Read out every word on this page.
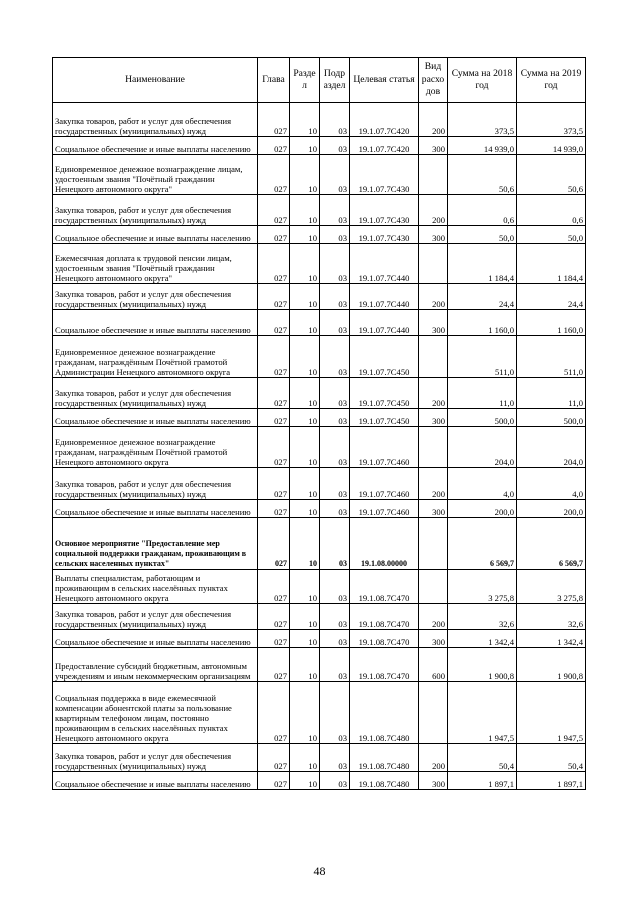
Наименование	Глава	Разде л	Подр аздел	Целевая статья	Вид расхо дов	Сумма на 2018 год	Сумма на 2019 год
Закупка товаров, работ и услуг для обеспечения государственных (муниципальных) нужд	027	10	03	19.1.07.7С420	200	373,5	373,5
Социальное обеспечение и иные выплаты населению	027	10	03	19.1.07.7С420	300	14 939,0	14 939,0
Единовременное денежное вознаграждение лицам, удостоенным звания "Почётный гражданин Ненецкого автономного округа"	027	10	03	19.1.07.7С430		50,6	50,6
Закупка товаров, работ и услуг для обеспечения государственных (муниципальных) нужд	027	10	03	19.1.07.7С430	200	0,6	0,6
Социальное обеспечение и иные выплаты населению	027	10	03	19.1.07.7С430	300	50,0	50,0
Ежемесячная доплата к трудовой пенсии лицам, удостоенным звания "Почётный гражданин Ненецкого автономного округа"	027	10	03	19.1.07.7С440		1 184,4	1 184,4
Закупка товаров, работ и услуг для обеспечения государственных (муниципальных) нужд	027	10	03	19.1.07.7С440	200	24,4	24,4
Социальное обеспечение и иные выплаты населению	027	10	03	19.1.07.7С440	300	1 160,0	1 160,0
Единовременное денежное вознаграждение гражданам, награждённым Почётной грамотой Администрации Ненецкого автономного округа	027	10	03	19.1.07.7С450		511,0	511,0
Закупка товаров, работ и услуг для обеспечения государственных (муниципальных) нужд	027	10	03	19.1.07.7С450	200	11,0	11,0
Социальное обеспечение и иные выплаты населению	027	10	03	19.1.07.7С450	300	500,0	500,0
Единовременное денежное вознаграждение гражданам, награждённым Почётной грамотой Ненецкого автономного округа	027	10	03	19.1.07.7С460		204,0	204,0
Закупка товаров, работ и услуг для обеспечения государственных (муниципальных) нужд	027	10	03	19.1.07.7С460	200	4,0	4,0
Социальное обеспечение и иные выплаты населению	027	10	03	19.1.07.7С460	300	200,0	200,0
Основное мероприятие "Предоставление мер социальной поддержки гражданам, проживающим в сельских населенных пунктах"	027	10	03	19.1.08.00000		6 569,7	6 569,7
Выплаты специалистам, работающим и проживающим в сельских населённых пунктах Ненецкого автономного округа	027	10	03	19.1.08.7С470		3 275,8	3 275,8
Закупка товаров, работ и услуг для обеспечения государственных (муниципальных) нужд	027	10	03	19.1.08.7С470	200	32,6	32,6
Социальное обеспечение и иные выплаты населению	027	10	03	19.1.08.7С470	300	1 342,4	1 342,4
Предоставление субсидий бюджетным, автономным учреждениям и иным некоммерческим организациям	027	10	03	19.1.08.7С470	600	1 900,8	1 900,8
Социальная поддержка в виде ежемесячной компенсации абонентской платы за пользование квартирным телефоном лицам, постоянно проживающим в сельских населённых пунктах Ненецкого автономного округа	027	10	03	19.1.08.7С480		1 947,5	1 947,5
Закупка товаров, работ и услуг для обеспечения государственных (муниципальных) нужд	027	10	03	19.1.08.7С480	200	50,4	50,4
Социальное обеспечение и иные выплаты населению	027	10	03	19.1.08.7С480	300	1 897,1	1 897,1
48
